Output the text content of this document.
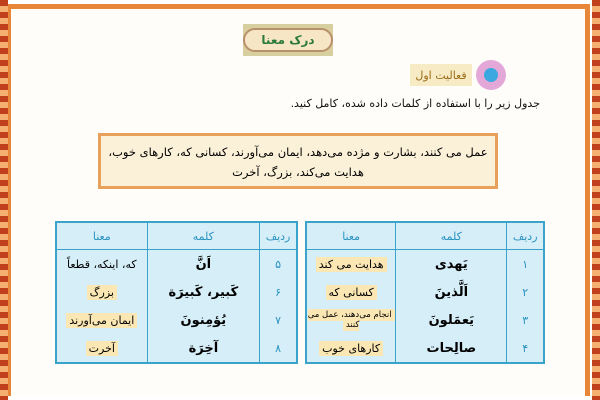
درک معنا
فعالیت اول
جدول زیر را با استفاده از کلمات داده شده، کامل کنید.
عمل می کنند، بشارت و مژده می‌دهد، ایمان می‌آورند، کسانی که، کارهای خوب،
هدایت می‌کند، بزرگ، آخرت
ردیف	کلمه	معنا
۱	یَهدی	هدایت می کند
۲	اَلَّذینَ	کسانی که
۳	یَعمَلونَ	انجام می‌دهند، عمل می کنند
۴	صالِحات	کارهای خوب
ردیف	کلمه	معنا
۵	اَنَّ	که، اینکه، قطعاً
۶	کَبیر، کَبیرَة	بزرگ
۷	یُؤمِنونَ	ایمان می‌آورند
۸	آخِرَة	آخرت
